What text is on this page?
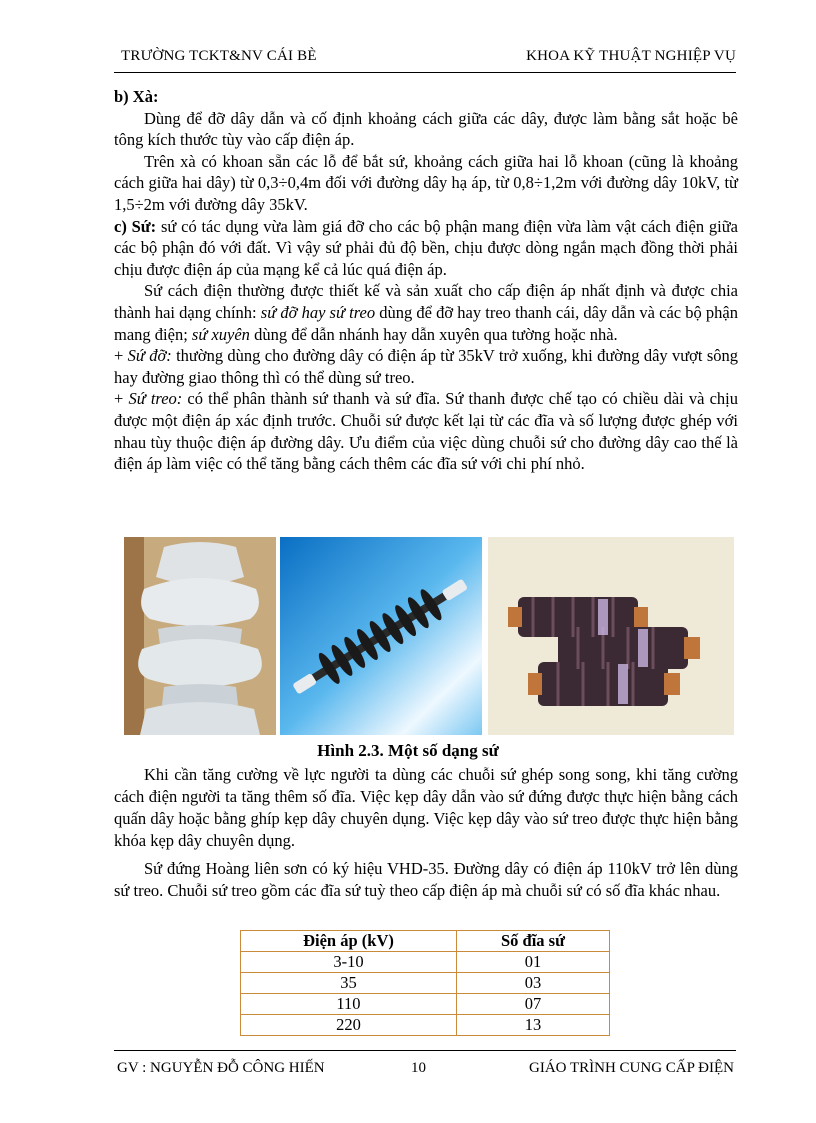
TRƯỜNG TCKT&NV CÁI BÈ	KHOA KỸ THUẬT NGHIỆP VỤ

b) Xà:

Dùng để đỡ dây dẫn và cố định khoảng cách giữa các dây, được làm bằng sắt hoặc bê tông kích thước tùy vào cấp điện áp.

Trên xà có khoan sẵn các lỗ để bắt sứ, khoảng cách giữa hai lỗ khoan (cũng là khoảng cách giữa hai dây) từ 0,3÷0,4m đối với đường dây hạ áp, từ 0,8÷1,2m với đường dây 10kV, từ 1,5÷2m với đường dây 35kV.

c) Sứ: sứ có tác dụng vừa làm giá đỡ cho các bộ phận mang điện vừa làm vật cách điện giữa các bộ phận đó với đất. Vì vậy sứ phải đủ độ bền, chịu được dòng ngắn mạch đồng thời phải chịu được điện áp của mạng kể cả lúc quá điện áp.

Sứ cách điện thường được thiết kế và sản xuất cho cấp điện áp nhất định và được chia thành hai dạng chính: sứ đỡ hay sứ treo dùng để đỡ hay treo thanh cái, dây dẫn và các bộ phận mang điện; sứ xuyên dùng để dẫn nhánh hay dẫn xuyên qua tường hoặc nhà.

+ Sứ đỡ: thường dùng cho đường dây có điện áp từ 35kV trở xuống, khi đường dây vượt sông hay đường giao thông thì có thể dùng sứ treo.

+ Sứ treo: có thể phân thành sứ thanh và sứ đĩa. Sứ thanh được chế tạo có chiều dài và chịu được một điện áp xác định trước. Chuỗi sứ được kết lại từ các đĩa và số lượng được ghép với nhau tùy thuộc điện áp đường dây. Ưu điểm của việc dùng chuỗi sứ cho đường dây cao thế là điện áp làm việc có thể tăng bằng cách thêm các đĩa sứ với chi phí nhỏ.

Hình 2.3. Một số dạng sứ

Khi cần tăng cường về lực người ta dùng các chuỗi sứ ghép song song, khi tăng cường cách điện người ta tăng thêm số đĩa. Việc kẹp dây dẫn vào sứ đứng được thực hiện bằng cách quấn dây hoặc bằng ghíp kẹp dây chuyên dụng. Việc kẹp dây vào sứ treo được thực hiện bằng khóa kẹp dây chuyên dụng.

Sứ đứng Hoàng liên sơn có ký hiệu VHD-35. Đường dây có điện áp 110kV trở lên dùng sứ treo. Chuỗi sứ treo gồm các đĩa sứ tuỳ theo cấp điện áp mà chuỗi sứ có số đĩa khác nhau.

Điện áp (kV)	Số đĩa sứ
3-10	01
35	03
110	07
220	13
GV : NGUYỄN ĐỖ CÔNG HIẾN	10	GIÁO TRÌNH CUNG CẤP ĐIỆN
